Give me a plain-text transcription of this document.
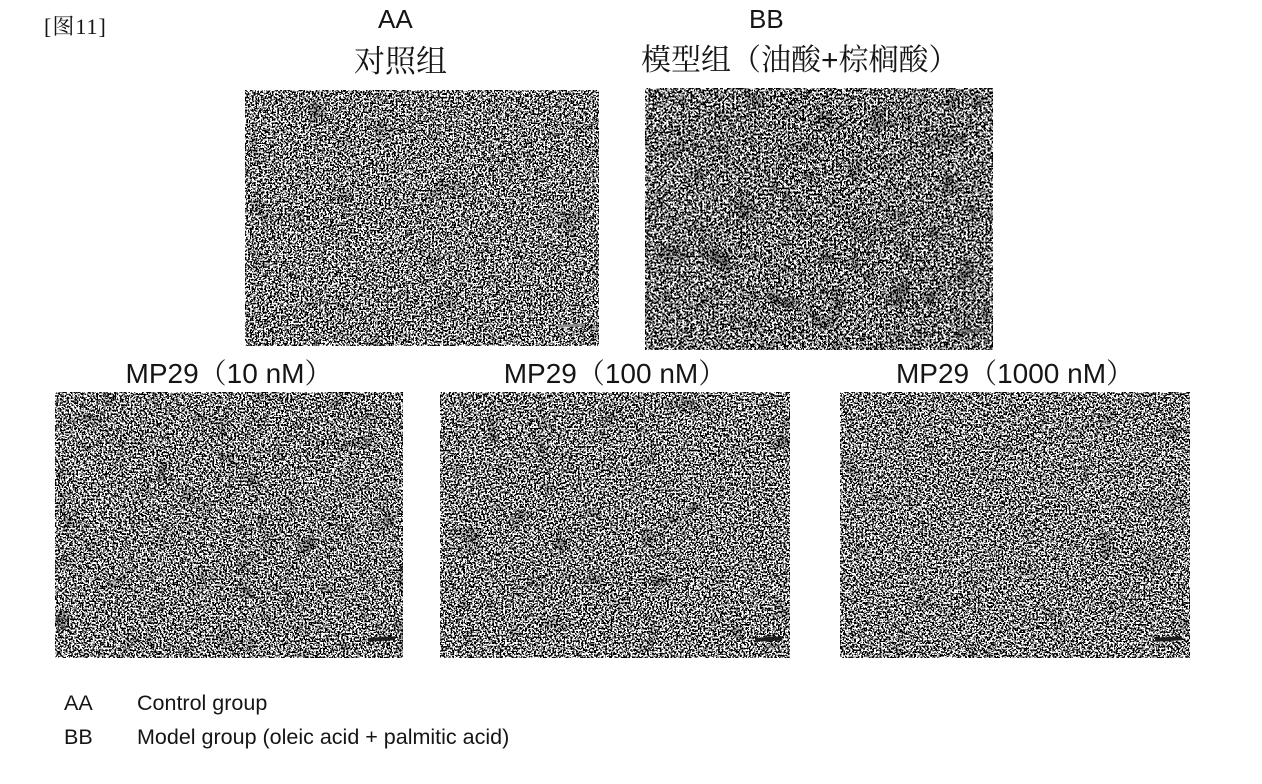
[图11]	AA
对照组
BB
模型组（油酸+棕榈酸）
MP29（10 nM）	MP29（100 nM）	MP29（1000 nM）
AA	Control group
BB	Model group (oleic acid + palmitic acid)
